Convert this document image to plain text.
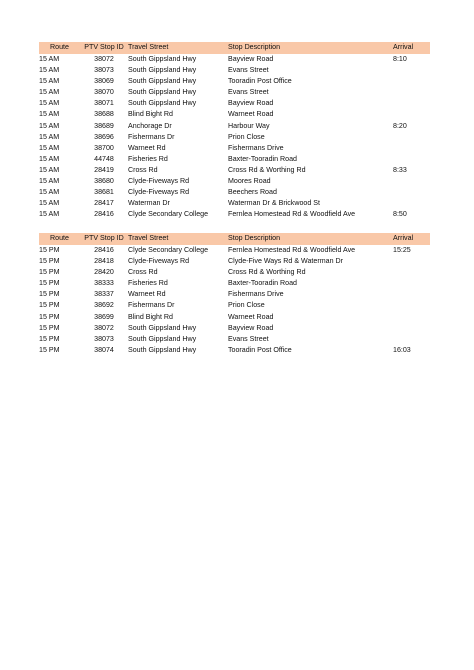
Route	PTV Stop ID	Travel Street	Stop Description	Arrival
15 AM	38072	South Gippsland Hwy	Bayview Road	8:10
15 AM	38073	South Gippsland Hwy	Evans Street	
15 AM	38069	South Gippsland Hwy	Tooradin Post Office	
15 AM	38070	South Gippsland Hwy	Evans Street	
15 AM	38071	South Gippsland Hwy	Bayview Road	
15 AM	38688	Blind Bight Rd	Warneet Road	
15 AM	38689	Anchorage Dr	Harbour Way	8:20
15 AM	38696	Fishermans Dr	Prion Close	
15 AM	38700	Warneet Rd	Fishermans Drive	
15 AM	44748	Fisheries Rd	Baxter-Tooradin Road	
15 AM	28419	Cross Rd	Cross Rd & Worthing Rd	8:33
15 AM	38680	Clyde-Fiveways Rd	Moores Road	
15 AM	38681	Clyde-Fiveways Rd	Beechers Road	
15 AM	28417	Waterman Dr	Waterman Dr & Brickwood St	
15 AM	28416	Clyde Secondary College	Fernlea Homestead Rd & Woodfield Ave	8:50
Route	PTV Stop ID	Travel Street	Stop Description	Arrival
15 PM	28416	Clyde Secondary College	Fernlea Homestead Rd & Woodfield Ave	15:25
15 PM	28418	Clyde-Fiveways Rd	Clyde-Five Ways Rd & Waterman Dr	
15 PM	28420	Cross Rd	Cross Rd & Worthing Rd	
15 PM	38333	Fisheries Rd	Baxter-Tooradin Road	
15 PM	38337	Warneet Rd	Fishermans Drive	
15 PM	38692	Fishermans Dr	Prion Close	
15 PM	38699	Blind Bight Rd	Warneet Road	
15 PM	38072	South Gippsland Hwy	Bayview Road	
15 PM	38073	South Gippsland Hwy	Evans Street	
15 PM	38074	South Gippsland Hwy	Tooradin Post Office	16:03
